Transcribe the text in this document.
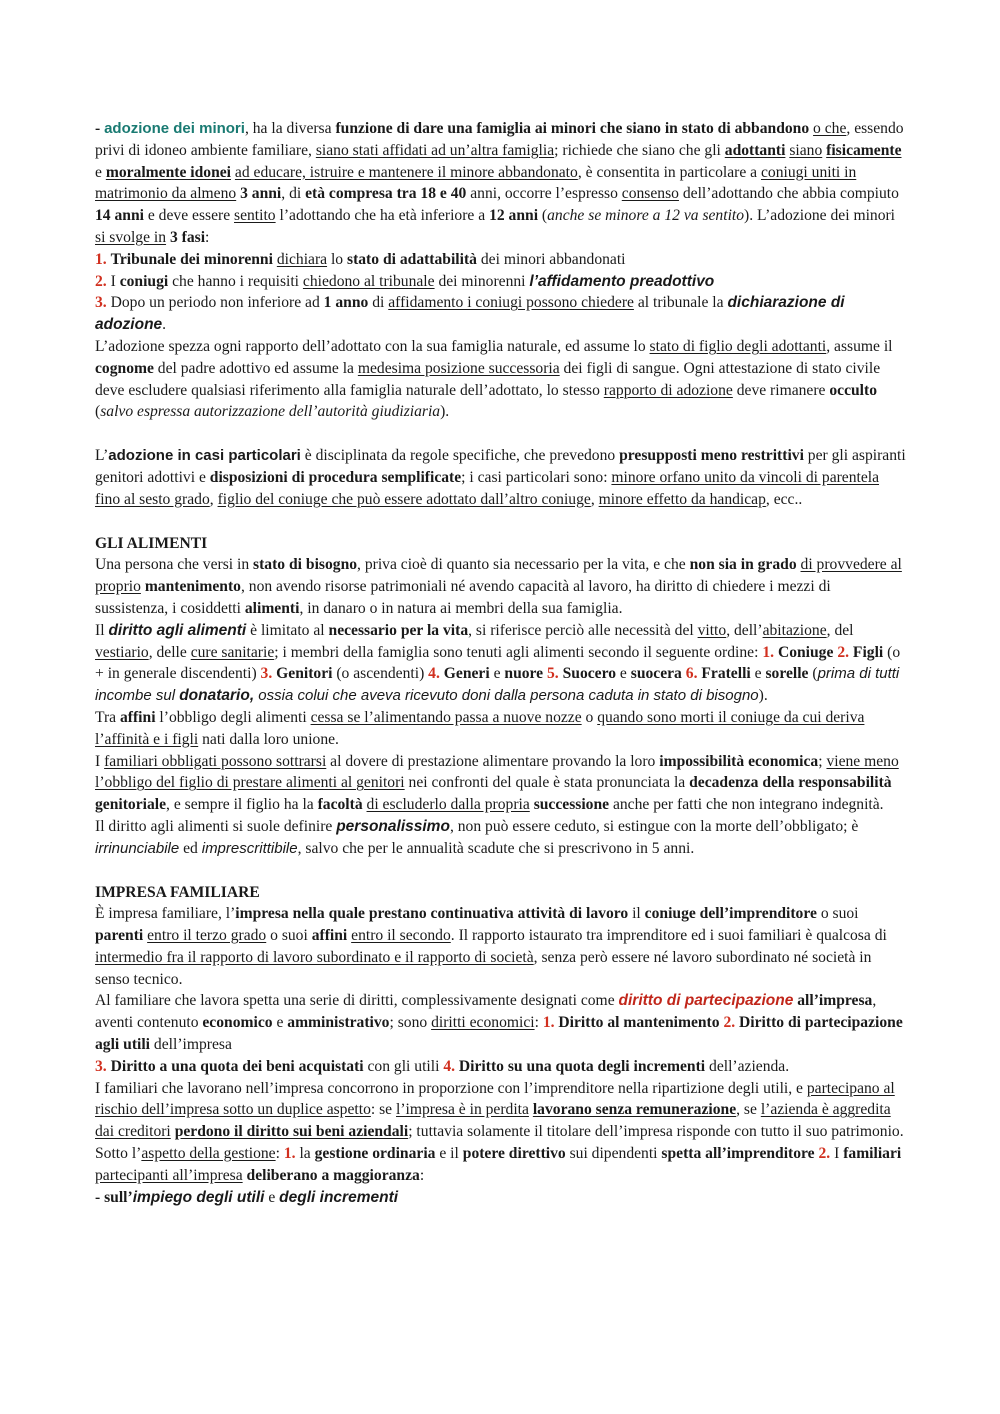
- adozione dei minori, ha la diversa funzione di dare una famiglia ai minori che siano in stato di abbandono o che, essendo privi di idoneo ambiente familiare, siano stati affidati ad un’altra famiglia; richiede che siano che gli adottanti siano fisicamente e moralmente idonei ad educare, istruire e mantenere il minore abbandonato, è consentita in particolare a coniugi uniti in matrimonio da almeno 3 anni, di età compresa tra 18 e 40 anni, occorre l’espresso consenso dell’adottando che abbia compiuto 14 anni e deve essere sentito l’adottando che ha età inferiore a 12 anni (anche se minore a 12 va sentito). L’adozione dei minori si svolge in 3 fasi:

1. Tribunale dei minorenni dichiara lo stato di adattabilità dei minori abbandonati

2. I coniugi che hanno i requisiti chiedono al tribunale dei minorenni l’affidamento preadottivo

3. Dopo un periodo non inferiore ad 1 anno di affidamento i coniugi possono chiedere al tribunale la dichiarazione di adozione.

L’adozione spezza ogni rapporto dell’adottato con la sua famiglia naturale, ed assume lo stato di figlio degli adottanti, assume il cognome del padre adottivo ed assume la medesima posizione successoria dei figli di sangue. Ogni attestazione di stato civile deve escludere qualsiasi riferimento alla famiglia naturale dell’adottato, lo stesso rapporto di adozione deve rimanere occulto (salvo espressa autorizzazione dell’autorità giudiziaria).

L’adozione in casi particolari è disciplinata da regole specifiche, che prevedono presupposti meno restrittivi per gli aspiranti genitori adottivi e disposizioni di procedura semplificate; i casi particolari sono: minore orfano unito da vincoli di parentela fino al sesto grado, figlio del coniuge che può essere adottato dall’altro coniuge, minore effetto da handicap, ecc..

GLI ALIMENTI

Una persona che versi in stato di bisogno, priva cioè di quanto sia necessario per la vita, e che non sia in grado di provvedere al proprio mantenimento, non avendo risorse patrimoniali né avendo capacità al lavoro, ha diritto di chiedere i mezzi di sussistenza, i cosiddetti alimenti, in danaro o in natura ai membri della sua famiglia.

Il diritto agli alimenti è limitato al necessario per la vita, si riferisce perciò alle necessità del vitto, dell’abitazione, del vestiario, delle cure sanitarie; i membri della famiglia sono tenuti agli alimenti secondo il seguente ordine: 1. Coniuge 2. Figli (o + in generale discendenti) 3. Genitori (o ascendenti) 4. Generi e nuore 5. Suocero e suocera 6. Fratelli e sorelle (prima di tutti incombe sul donatario, ossia colui che aveva ricevuto doni dalla persona caduta in stato di bisogno).

Tra affini l’obbligo degli alimenti cessa se l’alimentando passa a nuove nozze o quando sono morti il coniuge da cui deriva l’affinità e i figli nati dalla loro unione.

I familiari obbligati possono sottrarsi al dovere di prestazione alimentare provando la loro impossibilità economica; viene meno l’obbligo del figlio di prestare alimenti al genitori nei confronti del quale è stata pronunciata la decadenza della responsabilità genitoriale, e sempre il figlio ha la facoltà di escluderlo dalla propria successione anche per fatti che non integrano indegnità.

Il diritto agli alimenti si suole definire personalissimo, non può essere ceduto, si estingue con la morte dell’obbligato; è irrinunciabile ed imprescrittibile, salvo che per le annualità scadute che si prescrivono in 5 anni.

IMPRESA FAMILIARE

È impresa familiare, l’impresa nella quale prestano continuativa attività di lavoro il coniuge dell’imprenditore o suoi parenti entro il terzo grado o suoi affini entro il secondo. Il rapporto istaurato tra imprenditore ed i suoi familiari è qualcosa di intermedio fra il rapporto di lavoro subordinato e il rapporto di società, senza però essere né lavoro subordinato né società in senso tecnico.

Al familiare che lavora spetta una serie di diritti, complessivamente designati come diritto di partecipazione all’impresa, aventi contenuto economico e amministrativo; sono diritti economici: 1. Diritto al mantenimento 2. Diritto di partecipazione agli utili dell’impresa

3. Diritto a una quota dei beni acquistati con gli utili 4. Diritto su una quota degli incrementi dell’azienda.

I familiari che lavorano nell’impresa concorrono in proporzione con l’imprenditore nella ripartizione degli utili, e partecipano al rischio dell’impresa sotto un duplice aspetto: se l’impresa è in perdita lavorano senza remunerazione, se l’azienda è aggredita dai creditori perdono il diritto sui beni aziendali; tuttavia solamente il titolare dell’impresa risponde con tutto il suo patrimonio.

Sotto l’aspetto della gestione: 1. la gestione ordinaria e il potere direttivo sui dipendenti spetta all’imprenditore 2. I familiari partecipanti all’impresa deliberano a maggioranza:

- sull’impiego degli utili e degli incrementi
